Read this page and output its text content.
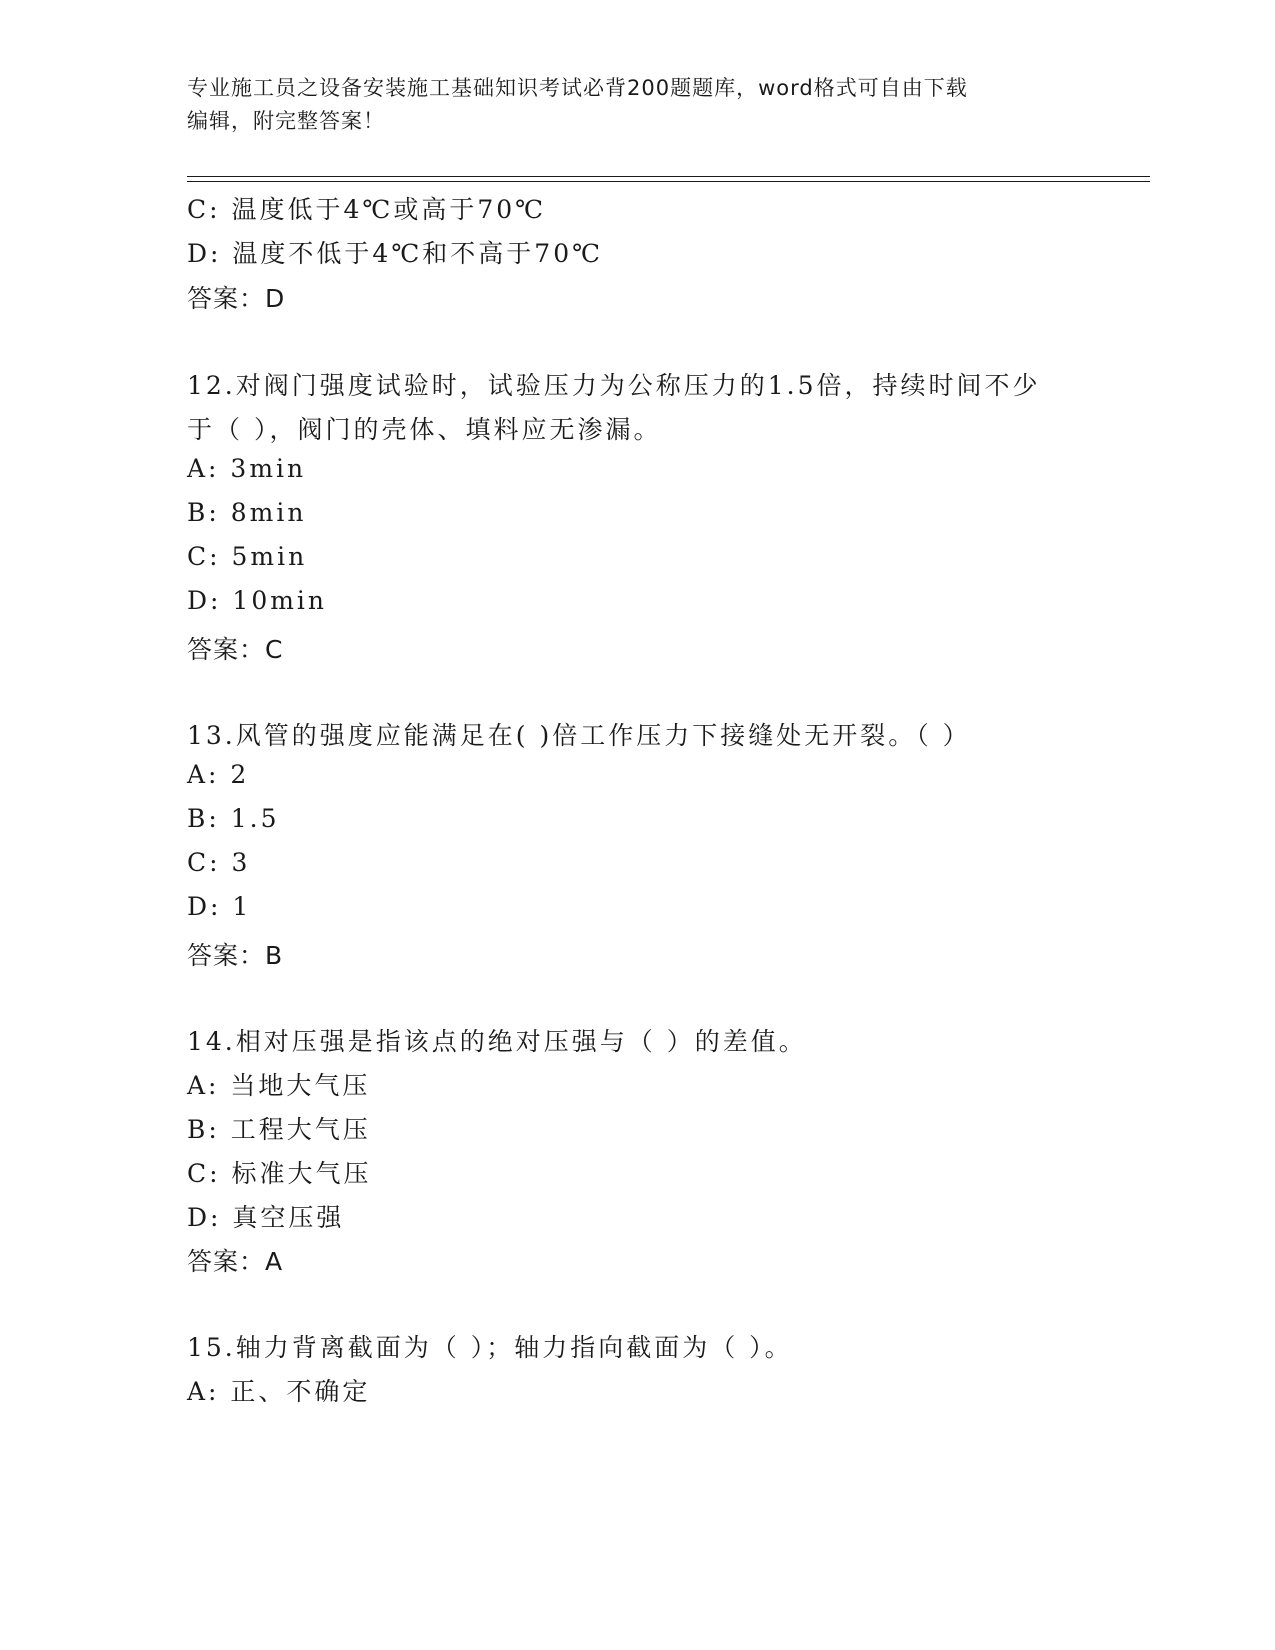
专业施工员之设备安装施工基础知识考试必背200题题库，word格式可自由下载
编辑，附完整答案！
C: 温度低于4℃或高于70℃
D: 温度不低于4℃和不高于70℃
答案：D
12.对阀门强度试验时，试验压力为公称压力的1.5倍，持续时间不少
于（ ），阀门的壳体、填料应无渗漏。
A: 3min
B: 8min
C: 5min
D: 10min
答案：C
13.风管的强度应能满足在( )倍工作压力下接缝处无开裂。（ ）
A: 2
B: 1.5
C: 3
D: 1
答案：B
14.相对压强是指该点的绝对压强与（ ）的差值。
A: 当地大气压
B: 工程大气压
C: 标准大气压
D: 真空压强
答案：A
15.轴力背离截面为（ ）；轴力指向截面为（ ）。
A: 正、不确定
